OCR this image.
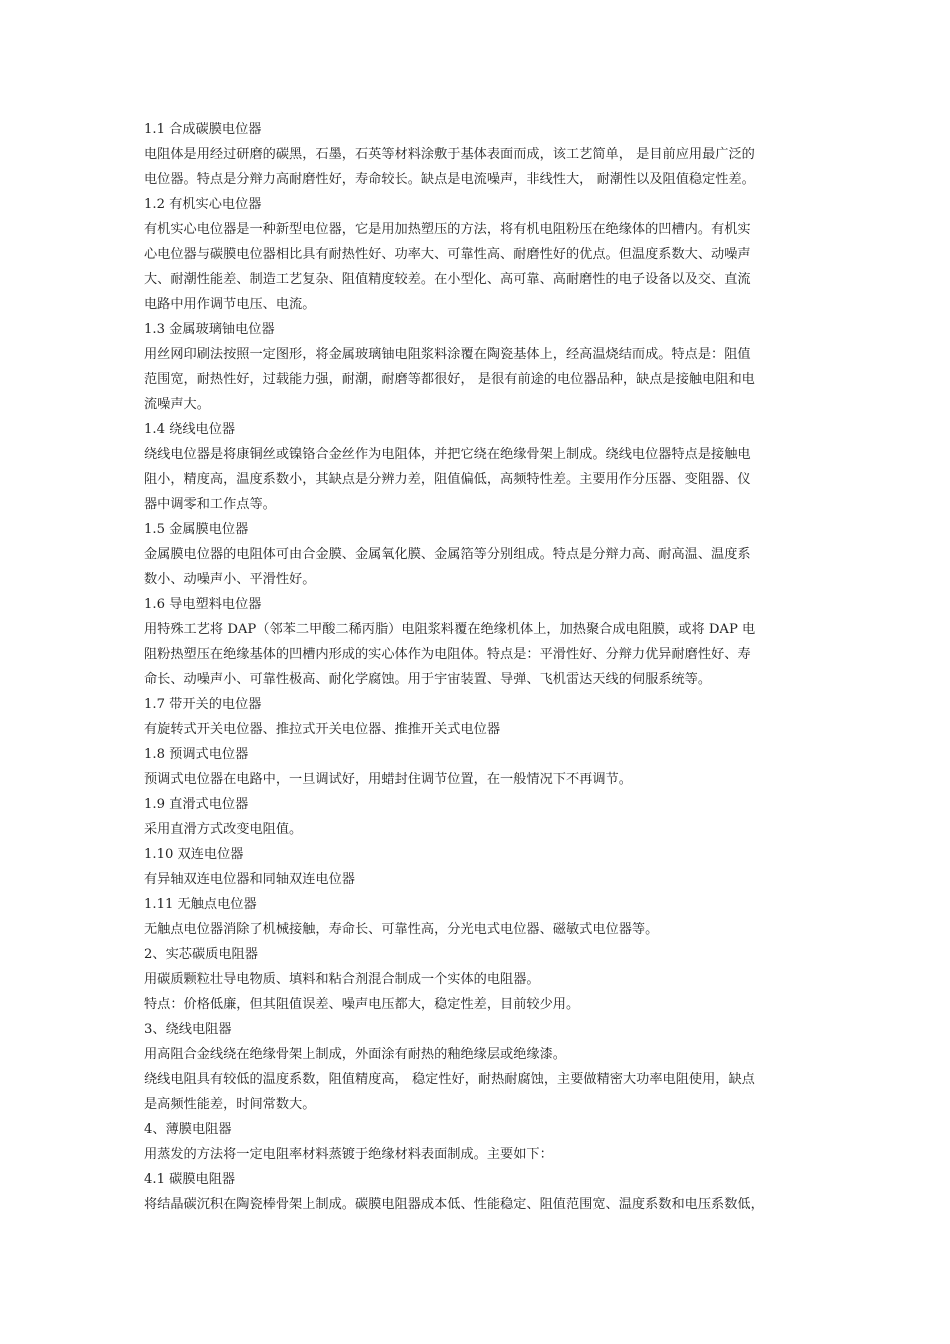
1.1 合成碳膜电位器
电阻体是用经过研磨的碳黑，石墨，石英等材料涂敷于基体表面而成，该工艺简单， 是目前应用最广泛的
电位器。特点是分辩力高耐磨性好，寿命较长。缺点是电流噪声，非线性大， 耐潮性以及阻值稳定性差。
1.2 有机实心电位器
有机实心电位器是一种新型电位器，它是用加热塑压的方法，将有机电阻粉压在绝缘体的凹槽内。有机实
心电位器与碳膜电位器相比具有耐热性好、功率大、可靠性高、耐磨性好的优点。但温度系数大、动噪声
大、耐潮性能差、制造工艺复杂、阻值精度较差。在小型化、高可靠、高耐磨性的电子设备以及交、直流
电路中用作调节电压、电流。
1.3 金属玻璃铀电位器
用丝网印刷法按照一定图形，将金属玻璃铀电阻浆料涂覆在陶瓷基体上，经高温烧结而成。特点是：阻值
范围宽，耐热性好，过载能力强，耐潮，耐磨等都很好， 是很有前途的电位器品种，缺点是接触电阻和电
流噪声大。
1.4 绕线电位器
绕线电位器是将康铜丝或镍铬合金丝作为电阻体，并把它绕在绝缘骨架上制成。绕线电位器特点是接触电
阻小，精度高，温度系数小，其缺点是分辨力差，阻值偏低，高频特性差。主要用作分压器、变阻器、仪
器中调零和工作点等。
1.5 金属膜电位器
金属膜电位器的电阻体可由合金膜、金属氧化膜、金属箔等分别组成。特点是分辩力高、耐高温、温度系
数小、动噪声小、平滑性好。
1.6 导电塑料电位器
用特殊工艺将 DAP（邻苯二甲酸二稀丙脂）电阻浆料覆在绝缘机体上，加热聚合成电阻膜，或将 DAP 电
阻粉热塑压在绝缘基体的凹槽内形成的实心体作为电阻体。特点是：平滑性好、分辩力优异耐磨性好、寿
命长、动噪声小、可靠性极高、耐化学腐蚀。用于宇宙装置、导弹、飞机雷达天线的伺服系统等。
1.7 带开关的电位器
有旋转式开关电位器、推拉式开关电位器、推推开关式电位器
1.8 预调式电位器
预调式电位器在电路中，一旦调试好，用蜡封住调节位置，在一般情况下不再调节。
1.9 直滑式电位器
采用直滑方式改变电阻值。
1.10 双连电位器
有异轴双连电位器和同轴双连电位器
1.11 无触点电位器
无触点电位器消除了机械接触，寿命长、可靠性高，分光电式电位器、磁敏式电位器等。
2、实芯碳质电阻器
用碳质颗粒壮导电物质、填料和粘合剂混合制成一个实体的电阻器。
特点：价格低廉，但其阻值误差、噪声电压都大，稳定性差，目前较少用。
3、绕线电阻器
用高阻合金线绕在绝缘骨架上制成，外面涂有耐热的釉绝缘层或绝缘漆。
绕线电阻具有较低的温度系数，阻值精度高， 稳定性好，耐热耐腐蚀，主要做精密大功率电阻使用，缺点
是高频性能差，时间常数大。
4、薄膜电阻器
用蒸发的方法将一定电阻率材料蒸镀于绝缘材料表面制成。主要如下：
4.1 碳膜电阻器
将结晶碳沉积在陶瓷棒骨架上制成。碳膜电阻器成本低、性能稳定、阻值范围宽、温度系数和电压系数低，
